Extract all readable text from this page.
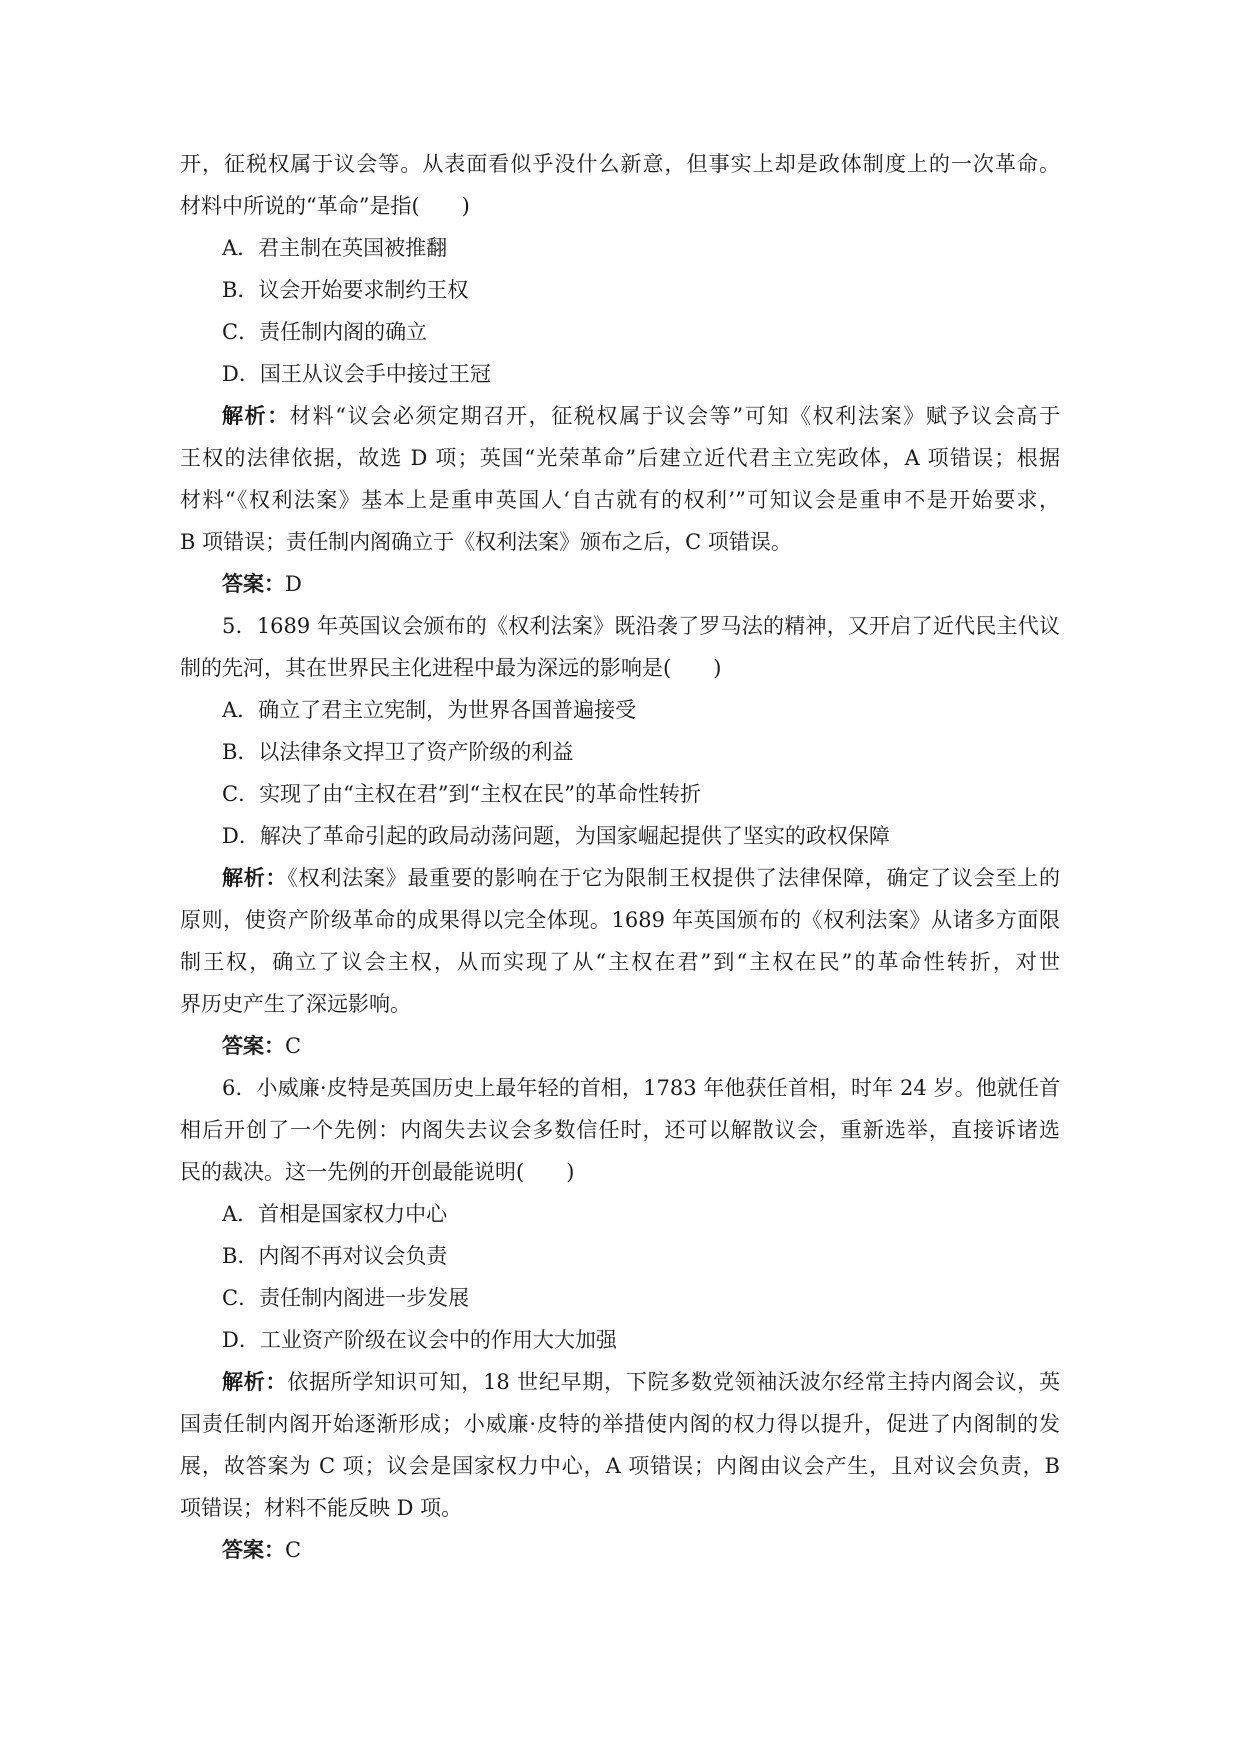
开，征税权属于议会等。从表面看似乎没什么新意，但事实上却是政体制度上的一次革命。
材料中所说的“革命”是指(　　)
A．君主制在英国被推翻
B．议会开始要求制约王权
C．责任制内阁的确立
D．国王从议会手中接过王冠
解析：材料“议会必须定期召开，征税权属于议会等”可知《权利法案》赋予议会高于
王权的法律依据，故选 D 项；英国“光荣革命”后建立近代君主立宪政体，A 项错误；根据
材料“《权利法案》基本上是重申英国人‘自古就有的权利’”可知议会是重申不是开始要求，
B 项错误；责任制内阁确立于《权利法案》颁布之后，C 项错误。
答案：D
5．1689 年英国议会颁布的《权利法案》既沿袭了罗马法的精神，又开启了近代民主代议
制的先河，其在世界民主化进程中最为深远的影响是(　　)
A．确立了君主立宪制，为世界各国普遍接受
B．以法律条文捍卫了资产阶级的利益
C．实现了由“主权在君”到“主权在民”的革命性转折
D．解决了革命引起的政局动荡问题，为国家崛起提供了坚实的政权保障
解析：《权利法案》最重要的影响在于它为限制王权提供了法律保障，确定了议会至上的
原则，使资产阶级革命的成果得以完全体现。1689 年英国颁布的《权利法案》从诸多方面限
制王权，确立了议会主权，从而实现了从“主权在君”到“主权在民”的革命性转折，对世
界历史产生了深远影响。
答案：C
6．小威廉·皮特是英国历史上最年轻的首相，1783 年他获任首相，时年 24 岁。他就任首
相后开创了一个先例：内阁失去议会多数信任时，还可以解散议会，重新选举，直接诉诸选
民的裁决。这一先例的开创最能说明(　　)
A．首相是国家权力中心
B．内阁不再对议会负责
C．责任制内阁进一步发展
D．工业资产阶级在议会中的作用大大加强
解析：依据所学知识可知，18 世纪早期，下院多数党领袖沃波尔经常主持内阁会议，英
国责任制内阁开始逐渐形成；小威廉·皮特的举措使内阁的权力得以提升，促进了内阁制的发
展，故答案为 C 项；议会是国家权力中心，A 项错误；内阁由议会产生，且对议会负责，B
项错误；材料不能反映 D 项。
答案：C
